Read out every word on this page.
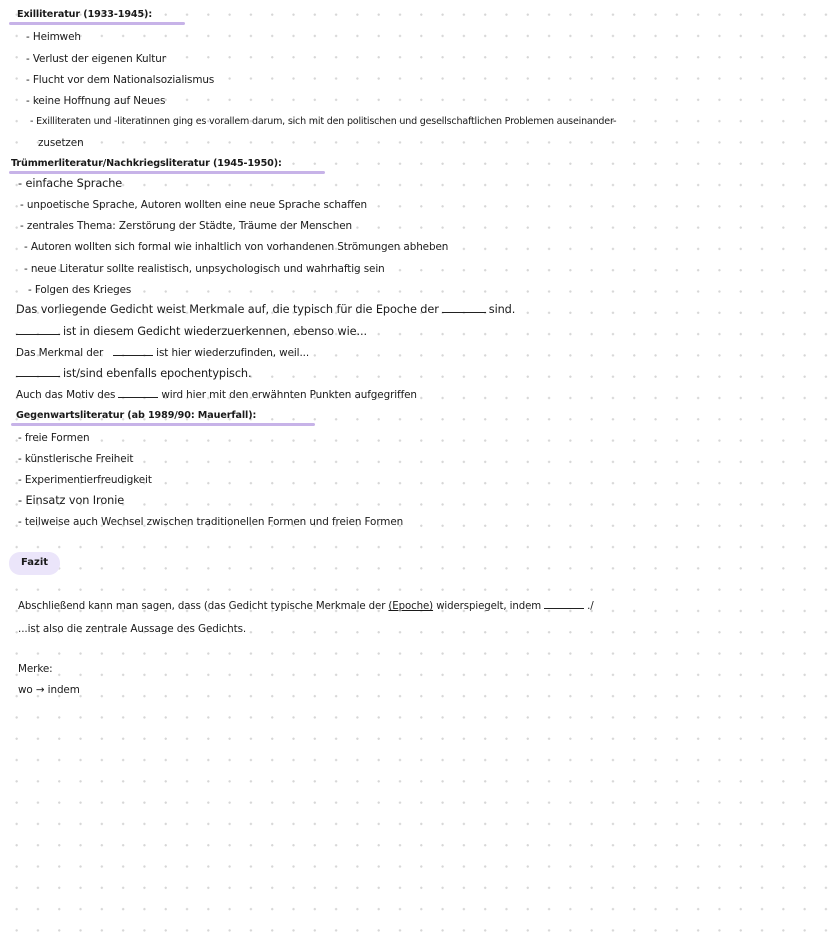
Exilliteratur (1933-1945):
- Heimweh
- Verlust der eigenen Kultur
- Flucht vor dem Nationalsozialismus
- keine Hoffnung auf Neues
- Exilliteraten und -literatinnen ging es vorallem darum, sich mit den politischen und gesellschaftlichen Problemen auseinander-
zusetzen
Trümmerliteratur/Nachkriegsliteratur (1945-1950):
- einfache Sprache
- unpoetische Sprache, Autoren wollten eine neue Sprache schaffen
- zentrales Thema: Zerstörung der Städte, Träume der Menschen
- Autoren wollten sich formal wie inhaltlich von vorhandenen Strömungen abheben
- neue Literatur sollte realistisch, unpsychologisch und wahrhaftig sein
- Folgen des Krieges
Das vorliegende Gedicht weist Merkmale auf, die typisch für die Epoche der	sind.
ist in diesem Gedicht wiederzuerkennen, ebenso wie...
Das Merkmal der	ist hier wiederzufinden, weil...
ist/sind ebenfalls epochentypisch.
Auch das Motiv des	wird hier mit den erwähnten Punkten aufgegriffen
Gegenwartsliteratur (ab 1989/90: Mauerfall):
- freie Formen
- künstlerische Freiheit
- Experimentierfreudigkeit
- Einsatz von Ironie
- teilweise auch Wechsel zwischen traditionellen Formen und freien Formen
Fazit
Abschließend kann man sagen, dass (das Gedicht typische Merkmale der (Epoche) widerspiegelt, indem	./
...ist also die zentrale Aussage des Gedichts.
Merke:
wo → indem
